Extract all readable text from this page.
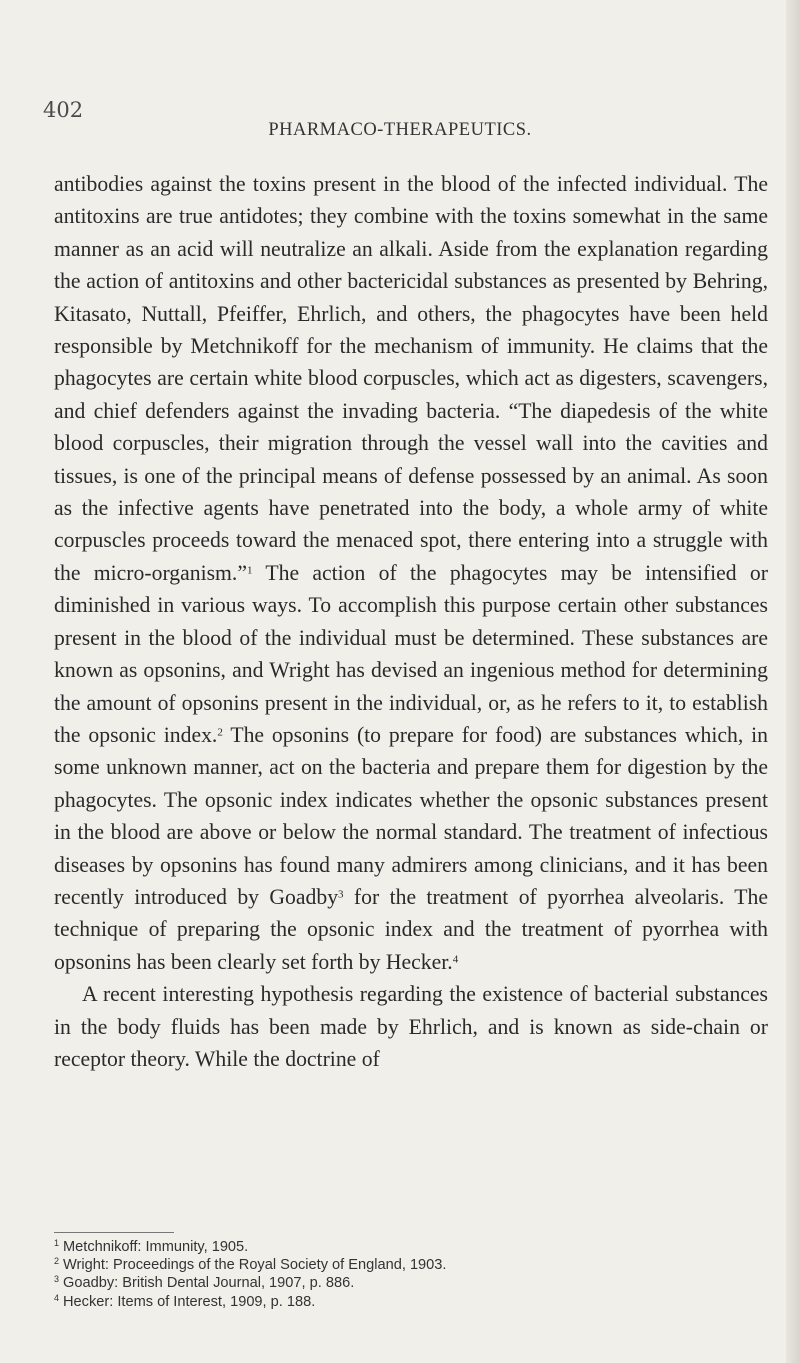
402
PHARMACO-THERAPEUTICS.

antibodies against the toxins present in the blood of the infected individual. The antitoxins are true antidotes; they combine with the toxins somewhat in the same manner as an acid will neutralize an alkali. Aside from the explanation regarding the action of antitoxins and other bactericidal substances as presented by Behring, Kitasato, Nuttall, Pfeiffer, Ehrlich, and others, the phagocytes have been held responsible by Metchnikoff for the mechanism of immunity. He claims that the phagocytes are certain white blood corpuscles, which act as digesters, scavengers, and chief defenders against the invading bacteria. “The diapedesis of the white blood corpuscles, their migration through the vessel wall into the cavities and tissues, is one of the principal means of defense possessed by an animal. As soon as the infective agents have penetrated into the body, a whole army of white corpuscles proceeds toward the menaced spot, there entering into a struggle with the micro-organism.”$^1$ The action of the phagocytes may be intensified or diminished in various ways. To accomplish this purpose certain other substances present in the blood of the individual must be determined. These substances are known as opsonins, and Wright has devised an ingenious method for determining the amount of opsonins present in the individual, or, as he refers to it, to establish the opsonic index.$^2$ The opsonins (to prepare for food) are substances which, in some unknown manner, act on the bacteria and prepare them for digestion by the phagocytes. The opsonic index indicates whether the opsonic substances present in the blood are above or below the normal standard. The treatment of infectious diseases by opsonins has found many admirers among clinicians, and it has been recently introduced by Goadby$^3$ for the treatment of pyorrhea alveolaris. The technique of preparing the opsonic index and the treatment of pyorrhea with opsonins has been clearly set forth by Hecker.$^4$

A recent interesting hypothesis regarding the existence of bacterial substances in the body fluids has been made by Ehrlich, and is known as side-chain or receptor theory. While the doctrine of

$^1$ Metchnikoff: Immunity, 1905.

$^2$ Wright: Proceedings of the Royal Society of England, 1903.

$^3$ Goadby: British Dental Journal, 1907, p. 886.

$^4$ Hecker: Items of Interest, 1909, p. 188.
